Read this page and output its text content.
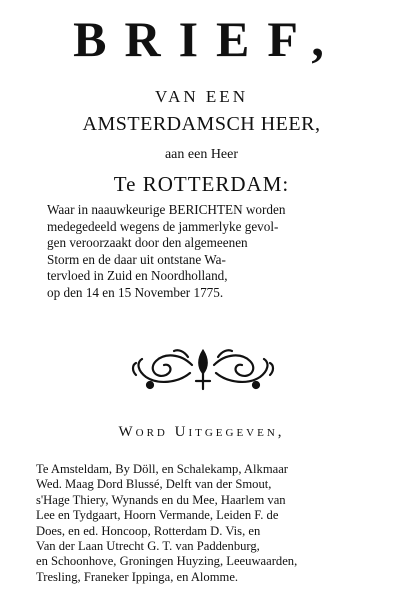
BRIEF,
VAN EEN
AMSTERDAMSCH HEER,
aan een Heer
Te ROTTERDAM:
Waar in naauwkeurige BERICHTEN worden
medegedeeld wegens de jammerlyke gevol-
gen veroorzaakt door den algemeenen
Storm en de daar uit ontstane Wa-
tervloed in Zuid en Noordholland,
op den 14 en 15 November 1775.
Word Uitgegeven,
Te Amsteldam, By Döll, en Schalekamp, Alkmaar
Wed. Maag Dord Blussé, Delft van der Smout,
s'Hage Thiery, Wynands en du Mee, Haarlem van
Lee en Tydgaart, Hoorn Vermande, Leiden F. de
Does, en ed. Honcoop, Rotterdam D. Vis, en
Van der Laan Utrecht G. T. van Paddenburg,
en Schoonhove, Groningen Huyzing, Leeuwaarden,
Tresling, Franeker Ippinga, en Alomme.
